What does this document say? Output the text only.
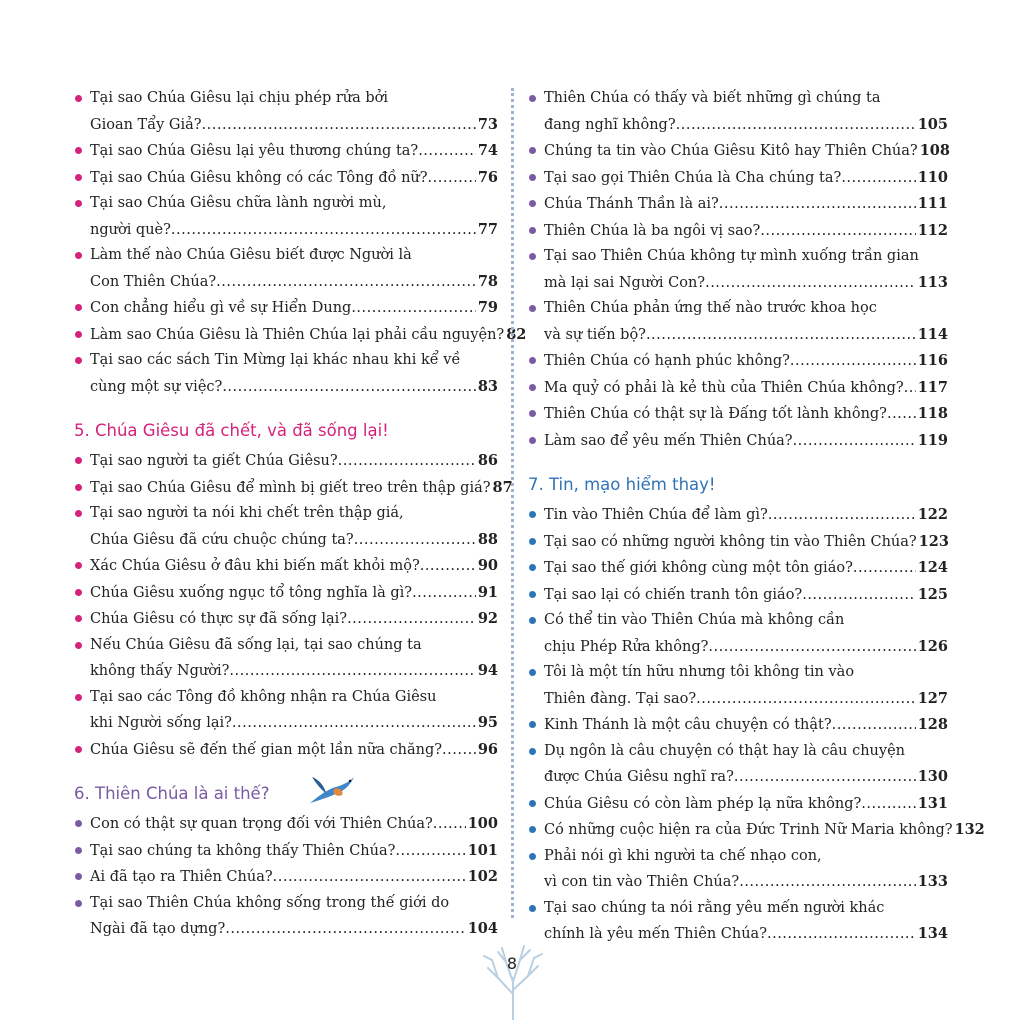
Tại sao Chúa Giêsu lại chịu phép rửa bởi
Gioan Tẩy Giả? .....	73
Tại sao Chúa Giêsu lại yêu thương chúng ta? .....	74
Tại sao Chúa Giêsu không có các Tông đồ nữ? .....	76
Tại sao Chúa Giêsu chữa lành người mù,
người què? .....	77
Làm thế nào Chúa Giêsu biết được Người là
Con Thiên Chúa? .....	78
Con chẳng hiểu gì về sự Hiển Dung .....	79
Làm sao Chúa Giêsu là Thiên Chúa lại phải cầu nguyện? 82
Tại sao các sách Tin Mừng lại khác nhau khi kể về
cùng một sự việc? .....	83
5. Chúa Giêsu đã chết, và đã sống lại!
Tại sao người ta giết Chúa Giêsu? .....	86
Tại sao Chúa Giêsu để mình bị giết treo trên thập giá? 87
Tại sao người ta nói khi chết trên thập giá,
Chúa Giêsu đã cứu chuộc chúng ta? .....	88
Xác Chúa Giêsu ở đâu khi biến mất khỏi mộ? .....	90
Chúa Giêsu xuống ngục tổ tông nghĩa là gì? .....	91
Chúa Giêsu có thực sự đã sống lại? .....	92
Nếu Chúa Giêsu đã sống lại, tại sao chúng ta
không thấy Người? .....	94
Tại sao các Tông đồ không nhận ra Chúa Giêsu
khi Người sống lại? .....	95
Chúa Giêsu sẽ đến thế gian một lần nữa chăng? ..... 96
6. Thiên Chúa là ai thế?
Con có thật sự quan trọng đối với Thiên Chúa? ..... 100
Tại sao chúng ta không thấy Thiên Chúa? .....	101
Ai đã tạo ra Thiên Chúa? .....	102
Tại sao Thiên Chúa không sống trong thế giới do
Ngài đã tạo dựng? .....	104
Thiên Chúa có thấy và biết những gì chúng ta
đang nghĩ không? .....	105
Chúng ta tin vào Chúa Giêsu Kitô hay Thiên Chúa? 108
Tại sao gọi Thiên Chúa là Cha chúng ta? .....	110
Chúa Thánh Thần là ai? .....	111
Thiên Chúa là ba ngôi vị sao? .....	112
Tại sao Thiên Chúa không tự mình xuống trần gian
mà lại sai Người Con? .....	113
Thiên Chúa phản ứng thế nào trước khoa học
và sự tiến bộ? .....	114
Thiên Chúa có hạnh phúc không? .....	116
Ma quỷ có phải là kẻ thù của Thiên Chúa không? ..... 117
Thiên Chúa có thật sự là Đấng tốt lành không? ..... 118
Làm sao để yêu mến Thiên Chúa? .....	119
7. Tin, mạo hiểm thay!
Tin vào Thiên Chúa để làm gì? .....	122
Tại sao có những người không tin vào Thiên Chúa? 123
Tại sao thế giới không cùng một tôn giáo? .....	124
Tại sao lại có chiến tranh tôn giáo? .....	125
Có thể tin vào Thiên Chúa mà không cần
chịu Phép Rửa không? .....	126
Tôi là một tín hữu nhưng tôi không tin vào
Thiên đàng. Tại sao? .....	127
Kinh Thánh là một câu chuyện có thật? .....	128
Dụ ngôn là câu chuyện có thật hay là câu chuyện
được Chúa Giêsu nghĩ ra? .....	130
Chúa Giêsu có còn làm phép lạ nữa không? .....	131
Có những cuộc hiện ra của Đức Trinh Nữ Maria không? 132
Phải nói gì khi người ta chế nhạo con,
vì con tin vào Thiên Chúa? .....	133
Tại sao chúng ta nói rằng yêu mến người khác
chính là yêu mến Thiên Chúa? .....	134
8
